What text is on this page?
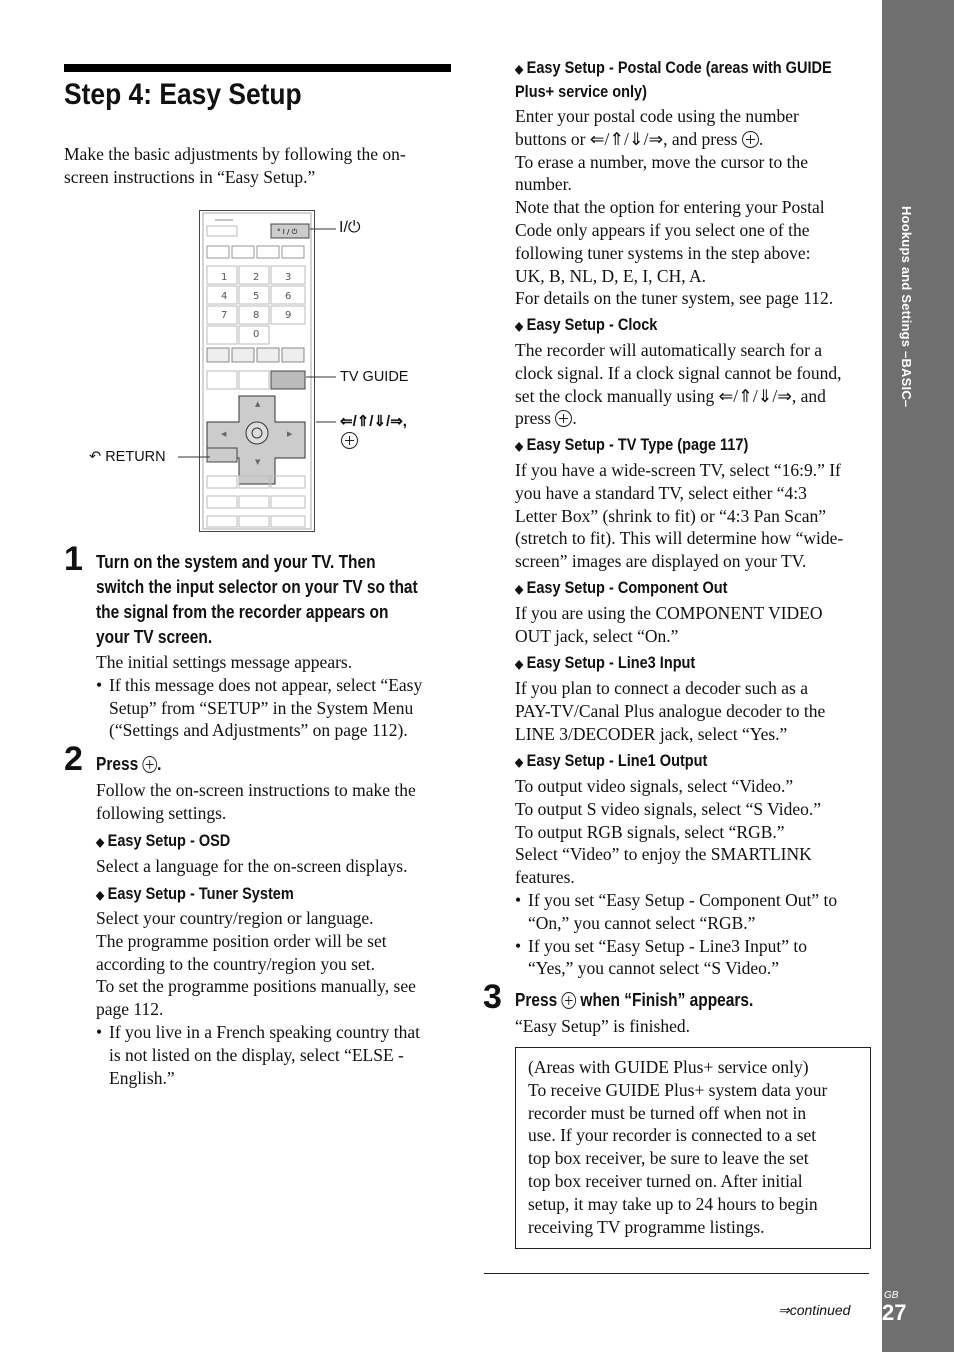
Hookups and Settings –BASIC–
GB
27
Step 4: Easy Setup
Make the basic adjustments by following the on-
screen instructions in “Easy Setup.”
° I / ⏻
1	2	3
4	5	6
7	8	9
0
▲
▼
◀	▶
I/⏻
TV GUIDE
⇐/⇑/⇓/⇒,
↶ RETURN
1 Turn on the system and your TV. Then
switch the input selector on your TV so that
the signal from the recorder appears on
your TV screen.
The initial settings message appears.
• If this message does not appear, select “Easy
Setup” from “SETUP” in the System Menu
(“Settings and Adjustments” on page 112).
2 Press .
Follow the on-screen instructions to make the
following settings.
◆ Easy Setup - OSD
Select a language for the on-screen displays.
◆ Easy Setup - Tuner System
Select your country/region or language.
The programme position order will be set
according to the country/region you set.
To set the programme positions manually, see
page 112.
• If you live in a French speaking country that
is not listed on the display, select “ELSE -
English.”
◆ Easy Setup - Postal Code (areas with GUIDE
Plus+ service only)
Enter your postal code using the number
buttons or ⇐/⇑/⇓/⇒, and press .
To erase a number, move the cursor to the
number.
Note that the option for entering your Postal
Code only appears if you select one of the
following tuner systems in the step above:
UK, B, NL, D, E, I, CH, A.
For details on the tuner system, see page 112.
◆ Easy Setup - Clock
The recorder will automatically search for a
clock signal. If a clock signal cannot be found,
set the clock manually using ⇐/⇑/⇓/⇒, and
press .
◆ Easy Setup - TV Type (page 117)
If you have a wide-screen TV, select “16:9.” If
you have a standard TV, select either “4:3
Letter Box” (shrink to fit) or “4:3 Pan Scan”
(stretch to fit). This will determine how “wide-
screen” images are displayed on your TV.
◆ Easy Setup - Component Out
If you are using the COMPONENT VIDEO
OUT jack, select “On.”
◆ Easy Setup - Line3 Input
If you plan to connect a decoder such as a
PAY-TV/Canal Plus analogue decoder to the
LINE 3/DECODER jack, select “Yes.”
◆ Easy Setup - Line1 Output
To output video signals, select “Video.”
To output S video signals, select “S Video.”
To output RGB signals, select “RGB.”
Select “Video” to enjoy the SMARTLINK
features.
• If you set “Easy Setup - Component Out” to
“On,” you cannot select “RGB.”
• If you set “Easy Setup - Line3 Input” to
“Yes,” you cannot select “S Video.”
3 Press when “Finish” appears.
“Easy Setup” is finished.
(Areas with GUIDE Plus+ service only)
To receive GUIDE Plus+ system data your
recorder must be turned off when not in
use. If your recorder is connected to a set
top box receiver, be sure to leave the set
top box receiver turned on. After initial
setup, it may take up to 24 hours to begin
receiving TV programme listings.
⇒continued
